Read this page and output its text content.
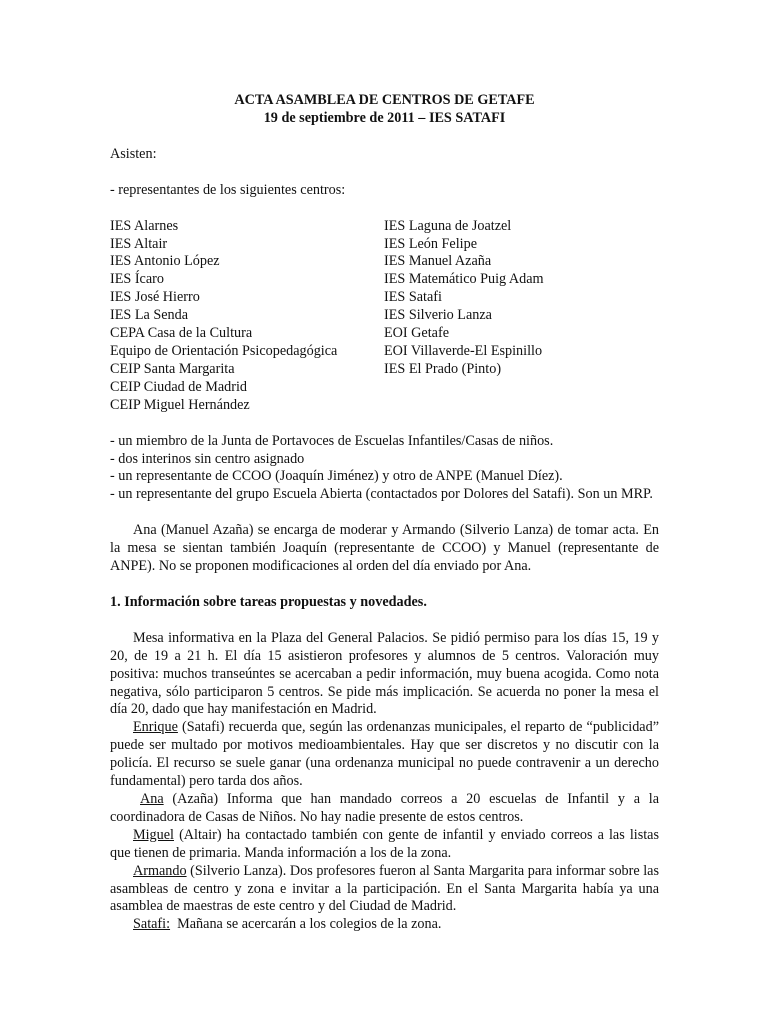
ACTA ASAMBLEA DE CENTROS DE GETAFE

19 de septiembre de 2011 – IES SATAFI

Asisten:

- representantes de los siguientes centros:

IES Alarnes

IES Altair

IES Antonio López

IES Ícaro

IES José Hierro

IES La Senda

CEPA Casa de la Cultura

Equipo de Orientación Psicopedagógica

CEIP Santa Margarita

CEIP Ciudad de Madrid

CEIP Miguel Hernández

IES Laguna de Joatzel

IES León Felipe

IES Manuel Azaña

IES Matemático Puig Adam

IES Satafi

IES Silverio Lanza

EOI Getafe

EOI Villaverde-El Espinillo

IES El Prado (Pinto)

- un miembro de la Junta de Portavoces de Escuelas Infantiles/Casas de niños.

- dos interinos sin centro asignado

- un representante de CCOO (Joaquín Jiménez) y otro de ANPE (Manuel Díez).

- un representante del grupo Escuela Abierta (contactados por Dolores del Satafi). Son un MRP.

Ana (Manuel Azaña) se encarga de moderar y Armando (Silverio Lanza) de tomar acta. En la mesa se sientan también Joaquín (representante de CCOO) y Manuel (representante de ANPE). No se proponen modificaciones al orden del día enviado por Ana.

1. Información sobre tareas propuestas y novedades.

Mesa informativa en la Plaza del General Palacios. Se pidió permiso para los días 15, 19 y 20, de 19 a 21 h. El día 15 asistieron profesores y alumnos de 5 centros. Valoración muy positiva: muchos transeúntes se acercaban a pedir información, muy buena acogida. Como nota negativa, sólo participaron 5 centros. Se pide más implicación. Se acuerda no poner la mesa el día 20, dado que hay manifestación en Madrid.

Enrique (Satafi) recuerda que, según las ordenanzas municipales, el reparto de “publicidad” puede ser multado por motivos medioambientales. Hay que ser discretos y no discutir con la policía. El recurso se suele ganar (una ordenanza municipal no puede contravenir a un derecho fundamental) pero tarda dos años.

Ana (Azaña) Informa que han mandado correos a 20 escuelas de Infantil y a la coordinadora de Casas de Niños. No hay nadie presente de estos centros.

Miguel (Altair) ha contactado también con gente de infantil y enviado correos a las listas que tienen de primaria. Manda información a los de la zona.

Armando (Silverio Lanza). Dos profesores fueron al Santa Margarita para informar sobre las asambleas de centro y zona e invitar a la participación. En el Santa Margarita había ya una asamblea de maestras de este centro y del Ciudad de Madrid.

Satafi:  Mañana se acercarán a los colegios de la zona.
